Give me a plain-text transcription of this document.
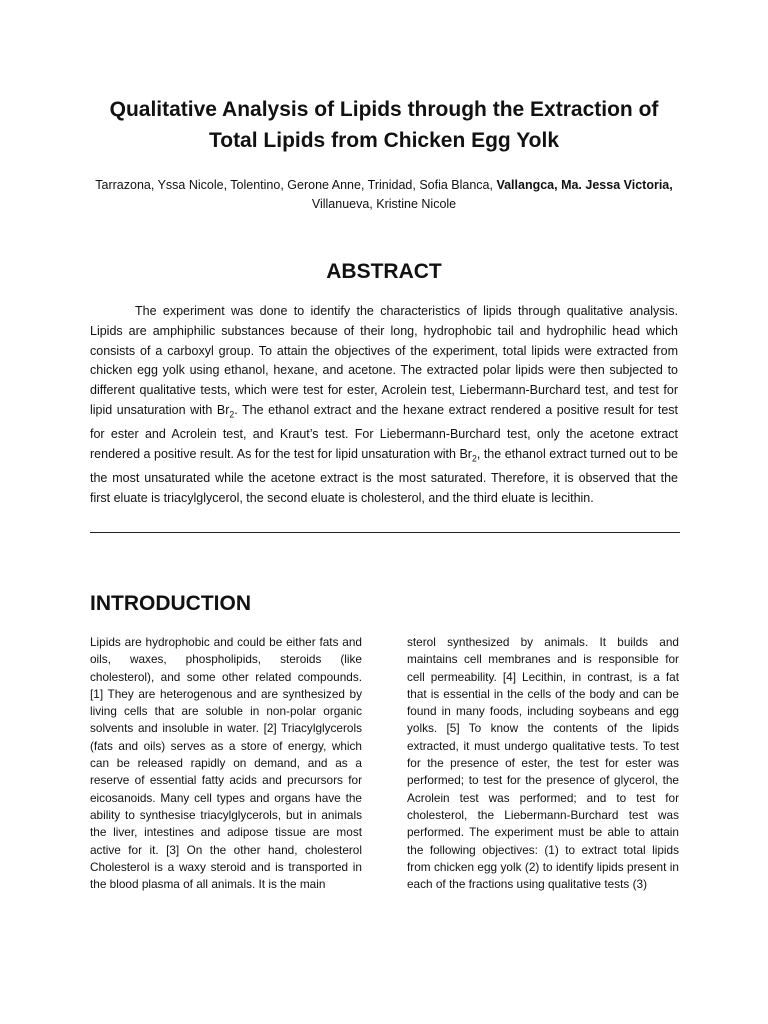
Qualitative Analysis of Lipids through the Extraction of
Total Lipids from Chicken Egg Yolk

Tarrazona, Yssa Nicole, Tolentino, Gerone Anne, Trinidad, Sofia Blanca, Vallangca, Ma. Jessa Victoria, Villanueva, Kristine Nicole

ABSTRACT

The experiment was done to identify the characteristics of lipids through qualitative analysis. Lipids are amphiphilic substances because of their long, hydrophobic tail and hydrophilic head which consists of a carboxyl group. To attain the objectives of the experiment, total lipids were extracted from chicken egg yolk using ethanol, hexane, and acetone. The extracted polar lipids were then subjected to different qualitative tests, which were test for ester, Acrolein test, Liebermann-Burchard test, and test for lipid unsaturation with $Br_2$. The ethanol extract and the hexane extract rendered a positive result for test for ester and Acrolein test, and Kraut’s test. For Liebermann-Burchard test, only the acetone extract rendered a positive result. As for the test for lipid unsaturation with $Br_2$, the ethanol extract turned out to be the most unsaturated while the acetone extract is the most saturated. Therefore, it is observed that the first eluate is triacylglycerol, the second eluate is cholesterol, and the third eluate is lecithin.

INTRODUCTION

Lipids are hydrophobic and could be either fats and oils, waxes, phospholipids, steroids (like cholesterol), and some other related compounds. [1] They are heterogenous and are synthesized by living cells that are soluble in non-polar organic solvents and insoluble in water. [2] Triacylglycerols (fats and oils) serves as a store of energy, which can be released rapidly on demand, and as a reserve of essential fatty acids and precursors for eicosanoids. Many cell types and organs have the ability to synthesise triacylglycerols, but in animals the liver, intestines and adipose tissue are most active for it. [3] On the other hand, cholesterol Cholesterol is a waxy steroid and is transported in the blood plasma of all animals. It is the main

sterol synthesized by animals. It builds and maintains cell membranes and is responsible for cell permeability. [4] Lecithin, in contrast, is a fat that is essential in the cells of the body and can be found in many foods, including soybeans and egg yolks. [5] To know the contents of the lipids extracted, it must undergo qualitative tests. To test for the presence of ester, the test for ester was performed; to test for the presence of glycerol, the Acrolein test was performed; and to test for cholesterol, the Liebermann-Burchard test was performed. The experiment must be able to attain the following objectives: (1) to extract total lipids from chicken egg yolk (2) to identify lipids present in each of the fractions using qualitative tests (3)
